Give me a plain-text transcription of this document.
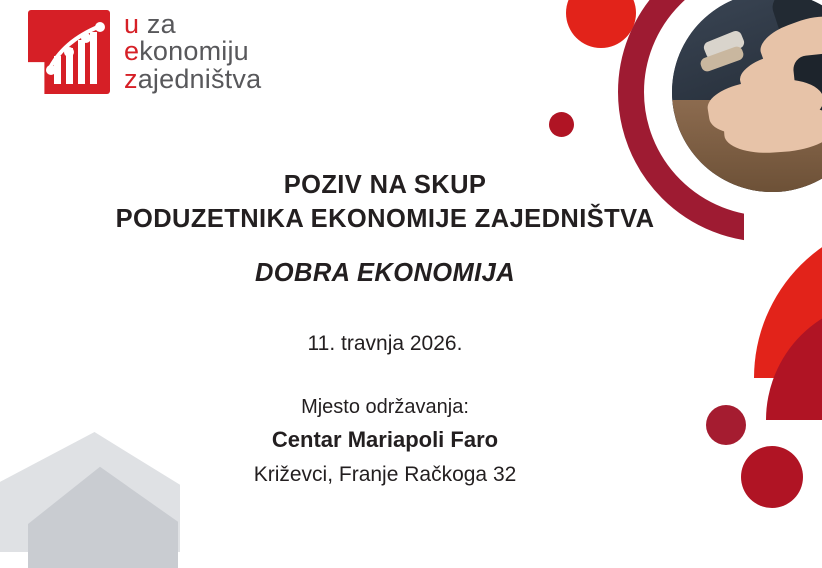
u za
ekonomiju
zajedništva
POZIV NA SKUP
PODUZETNIKA EKONOMIJE ZAJEDNIŠTVA
DOBRA EKONOMIJA
11. travnja 2026.
Mjesto održavanja:
Centar Mariapoli Faro
Križevci, Franje Račkoga 32
